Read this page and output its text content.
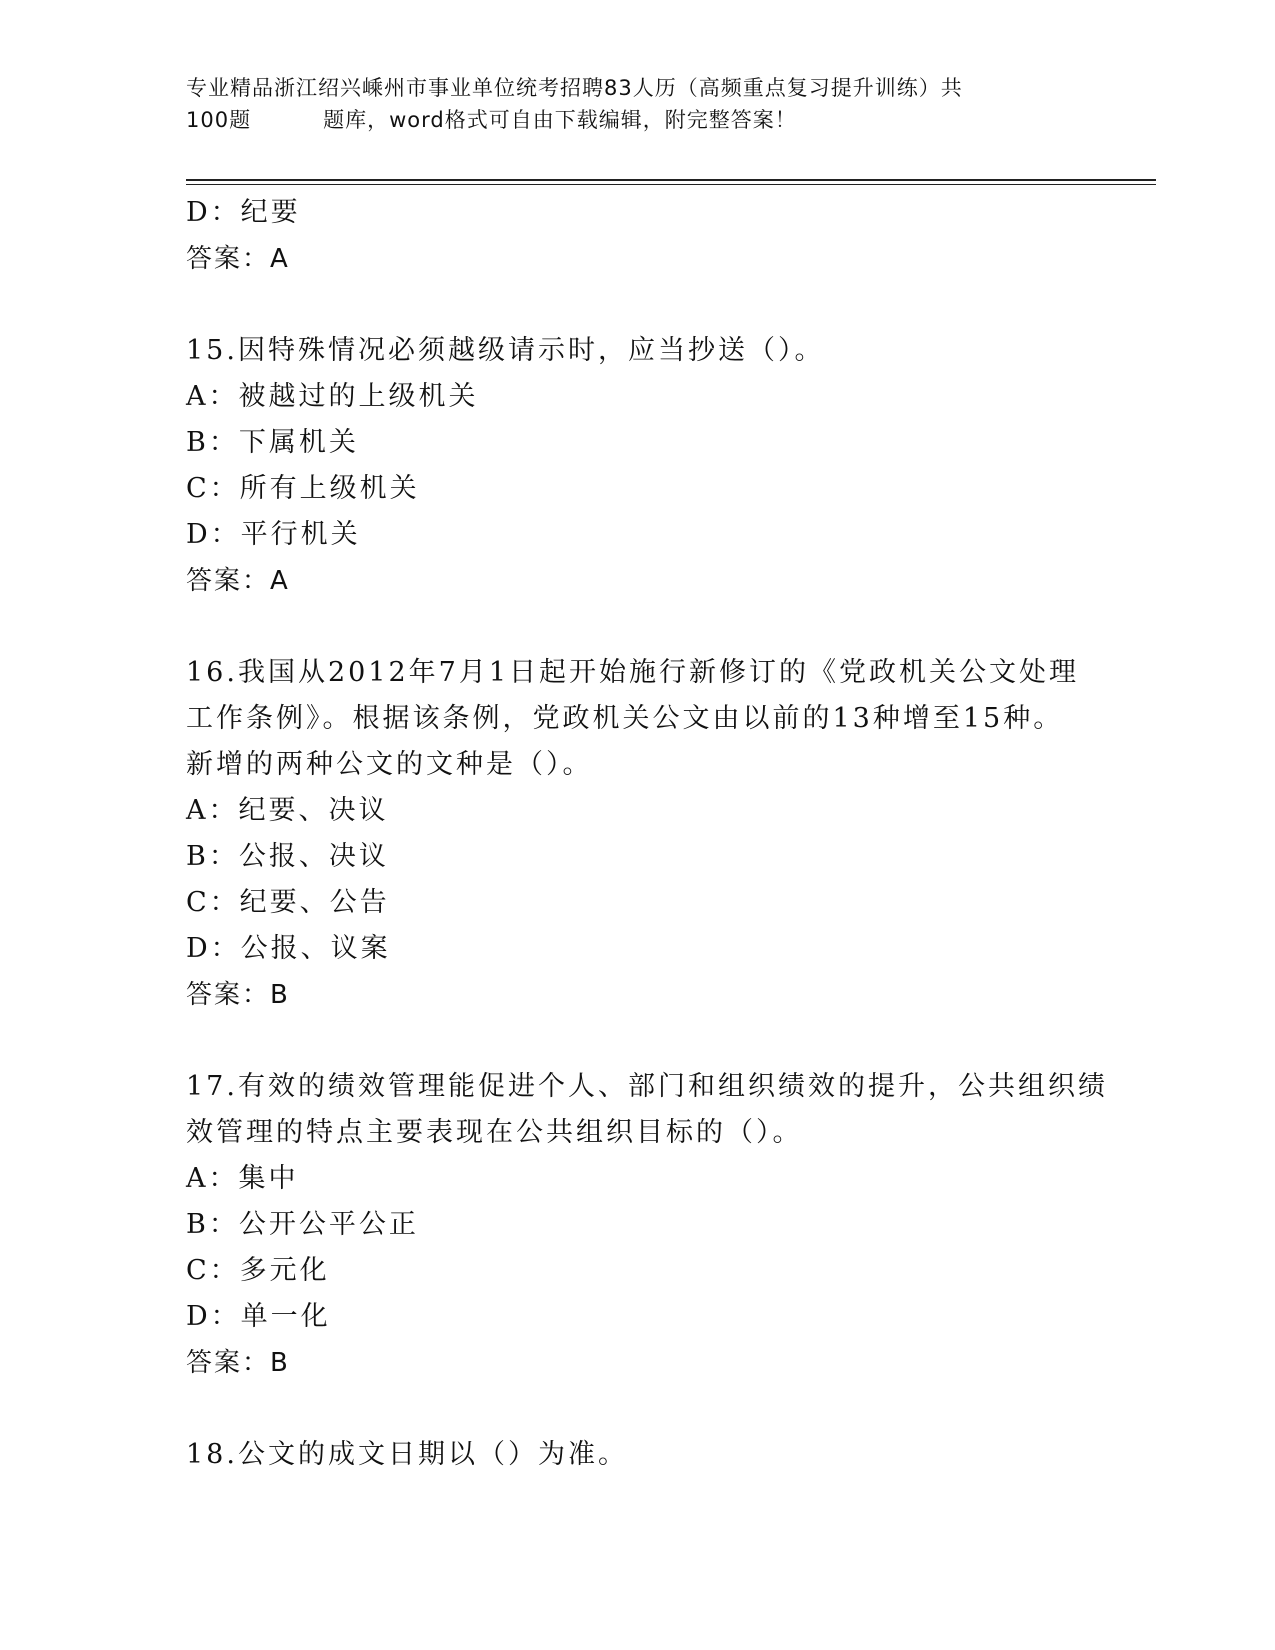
专业精品浙江绍兴嵊州市事业单位统考招聘83人历（高频重点复习提升训练）共
100题	题库，word格式可自由下载编辑，附完整答案！
D：纪要
答案：A
15.因特殊情况必须越级请示时，应当抄送（）。
A：被越过的上级机关
B：下属机关
C：所有上级机关
D：平行机关
答案：A
16.我国从2012年7月1日起开始施行新修订的《党政机关公文处理
工作条例》。根据该条例，党政机关公文由以前的13种增至15种。
新增的两种公文的文种是（）。
A：纪要、决议
B：公报、决议
C：纪要、公告
D：公报、议案
答案：B
17.有效的绩效管理能促进个人、部门和组织绩效的提升，公共组织绩
效管理的特点主要表现在公共组织目标的（）。
A：集中
B：公开公平公正
C：多元化
D：单一化
答案：B
18.公文的成文日期以（）为准。
